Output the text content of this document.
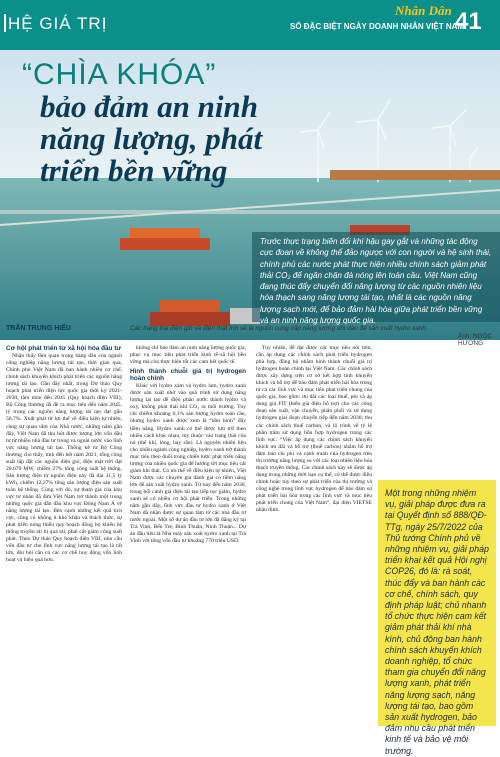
HỆ GIÁ TRỊ
Nhân Dân
SỐ ĐẶC BIỆT NGÀY DOANH NHÂN VIỆT NAM
41
“CHÌA KHÓA”
bảo đảm an ninh năng lượng, phát triển bền vững
Trước thực trạng biến đổi khí hậu gay gắt và những tác động cực đoan về không thể đảo ngược với con người và hệ sinh thái, chính phủ các nước phát thực hiện nhiều chính sách giảm phát thải CO₂ để ngăn chặn đà nóng lên toàn cầu. Việt Nam cũng đang thúc đẩy chuyển đổi năng lượng từ các nguồn nhiên liệu hóa thạch sang năng lượng tái tạo, nhất là các nguồn năng lượng sạch mới, để bảo đảm hài hòa giữa phát triển bền vững và an ninh năng lượng quốc gia.
TRẦN TRUNG HIẾU	Các trang trại điện gió và điện mặt trời sẽ là nguồn cung cấp năng lượng dồi dào để sản xuất hydro xanh.
Ảnh: NGỌC HƯƠNG
Cơ hội phát triển từ xã hội hóa đầu tư

Nhận thấy tầm quan trọng hàng đầu của ngành công nghiệp năng lượng tái tạo, thời gian qua, Chính phủ Việt Nam đã ban hành nhiều cơ chế, chính sách khuyến khích phát triển các nguồn năng lượng tái tạo. Gần đây nhất, trong Dự thảo Quy hoạch phát triển điện lực quốc gia thời kỳ 2021-2030, tầm nhìn đến 2045 (Quy hoạch điện VIII), Bộ Công thương đã đề ra mục tiêu đến năm 2045, tỷ trọng các nguồn năng lượng tái tạo đạt gần 50,7%. Xuất phát từ lợi thế về điều kiện tự nhiên, cùng sự quan tâm của Nhà nước, những năm gần đây, Việt Nam đã thu hút được lượng lớn vốn đầu tư từ nhiều nhà đầu tư trong và ngoài nước vào lĩnh vực năng lượng tái tạo. Thống kê từ Bộ Công thương cho thấy, tính đến hết năm 2021, tổng công suất lắp đặt các nguồn điện gió, điện mặt trời đạt 20.670 MW, chiếm 27% tổng công suất hệ thống. Sản lượng điện từ nguồn điện này đã đạt 31,5 tỷ kWh, chiếm 12,27% tổng sản lượng điện sản xuất toàn hệ thống. Cùng với đó, sự tham gia của khu vực tư nhân đã đưa Việt Nam trở thành một trong những quốc gia dẫn đầu khu vực Đông Nam Á về năng lượng tái tạo. Bên cạnh những kết quả tích cực, cũng có không ít khó khăn và thách thức, sự phát triển nóng thiếu quy hoạch đồng bộ khiến hệ thống truyền tải bị quá tải, phải cắt giảm công suất phát. Theo Dự thảo Quy hoạch điện VIII, nhu cầu vốn đầu tư cho lĩnh vực năng lượng tái tạo là rất lớn, đòi hỏi cần có các cơ chế huy động vốn linh hoạt và hiệu quả hơn.

không chỉ bảo đảm an ninh năng lượng quốc gia, phục vụ mục tiêu phát triển kinh tế-xã hội bền vững mà còn thực hiện tốt các cam kết quốc tế.

Hình thành chuỗi giá trị hydrogen hoàn chỉnh

Khác với hydro xám và hydro lam, hydro xanh được sản xuất nhờ vào quá trình sử dụng năng lượng tái tạo để điện phân nước thành hydro và oxy, không phát thải khí CO₂ ra môi trường. Tuy chỉ chiếm khoảng 0,1% sản lượng hydro toàn cầu, nhưng hydro xanh được xem là “tấm bình” đầy tiềm năng. Hydro xanh có thể được lưu trữ theo nhiều cách khác nhau, tùy thuộc vào trạng thái của nó (thể khí, lỏng, hay rắn). Là nguyên nhiên liệu cho nhiều ngành công nghiệp, hydro xanh trở thành mục tiêu theo đuổi trong chiến lược phát triển năng lượng của nhiều quốc gia để hướng tới mục tiêu cắt giảm khí thải. Có ưu thế về điều kiện tự nhiên, Việt Nam được các chuyên gia đánh giá có tiềm năng lớn để sản xuất hydro xanh. Từ nay đến năm 2030, trong bối cảnh giá điện tái tạo tiếp tục giảm, hydro xanh sẽ có nhiều cơ hội phát triển. Trong những năm gần đây, lĩnh vực đầu tư hydro xanh ở Việt Nam đã nhận được sự quan tâm từ các nhà đầu tư nước ngoài. Một số dự án đầu tư lớn đã đăng ký tại Trà Vinh, Bến Tre, Bình Thuận, Ninh Thuận... Dự án đầu tiên là Nhà máy sản xuất hydro xanh tại Trà Vinh với tổng vốn đầu tư khoảng 770 triệu USD.

Tuy nhiên, để đạt được các mục tiêu nói trên, cần áp dụng các chính sách phát triển hydrogen phù hợp, đồng bộ nhằm hình thành chuỗi giá trị hydrogen hoàn chỉnh tại Việt Nam. Các chính sách được xây dựng trên cơ sở kết hợp tính khuyến khích và hỗ trợ để bảo đảm phát triển hài hòa trong từ cả các lĩnh vực và mục tiêu phát triển chung của quốc gia, bao gồm: ưu đãi các loại thuế, phí và áp dụng giá FIT (biểu giá điện hỗ trợ) cho các công đoạn sản xuất, vận chuyển, phân phối và sử dụng hydrogen giai đoạn chuyển tiếp đến năm 2030; thu các chính sách thuế carbon, và lộ trình về tỷ lệ phần trăm sử dụng hỗn hợp hydrogen trong các lĩnh vực. “Việc áp dụng các chính sách khuyến khích ưu đãi và hỗ trợ (thuế carbon) nhằm hỗ trợ đảm bảo chi phí và cạnh tranh của hydrogen trên thị trường năng lượng so với các loại nhiên liệu hóa thạch truyền thống. Các chính sách này sẽ được áp dụng trong những thời hạn cụ thể, có thể được điều chỉnh hoặc tùy theo sự phát triển của thị trường và công nghệ trong lĩnh vực hydrogen để bảo đảm sự phát triển hài hòa trong các lĩnh vực và mục tiêu phát triển chung của Việt Nam”, đại diện VIETSE nhận định.

Một trong những nhiệm vụ, giải pháp được đưa ra tại Quyết định số 888/QĐ-TTg, ngày 25/7/2022 của Thủ tướng Chính phủ về những nhiệm vụ, giải pháp triển khai kết quả Hội nghị COP26, đó là: rà soát, thúc đẩy và ban hành các cơ chế, chính sách, quy định pháp luật; chủ nhanh tổ chức thực hiện cam kết giảm phát thải khí nhà kính, chủ động ban hành chính sách khuyến khích doanh nghiệp, tổ chức tham gia chuyển đổi năng lượng xanh, phát triển năng lượng sạch, năng lượng tái tạo, bao gồm sản xuất hydrogen, bảo đảm nhu cầu phát triển kinh tế và bảo vệ môi trường.
